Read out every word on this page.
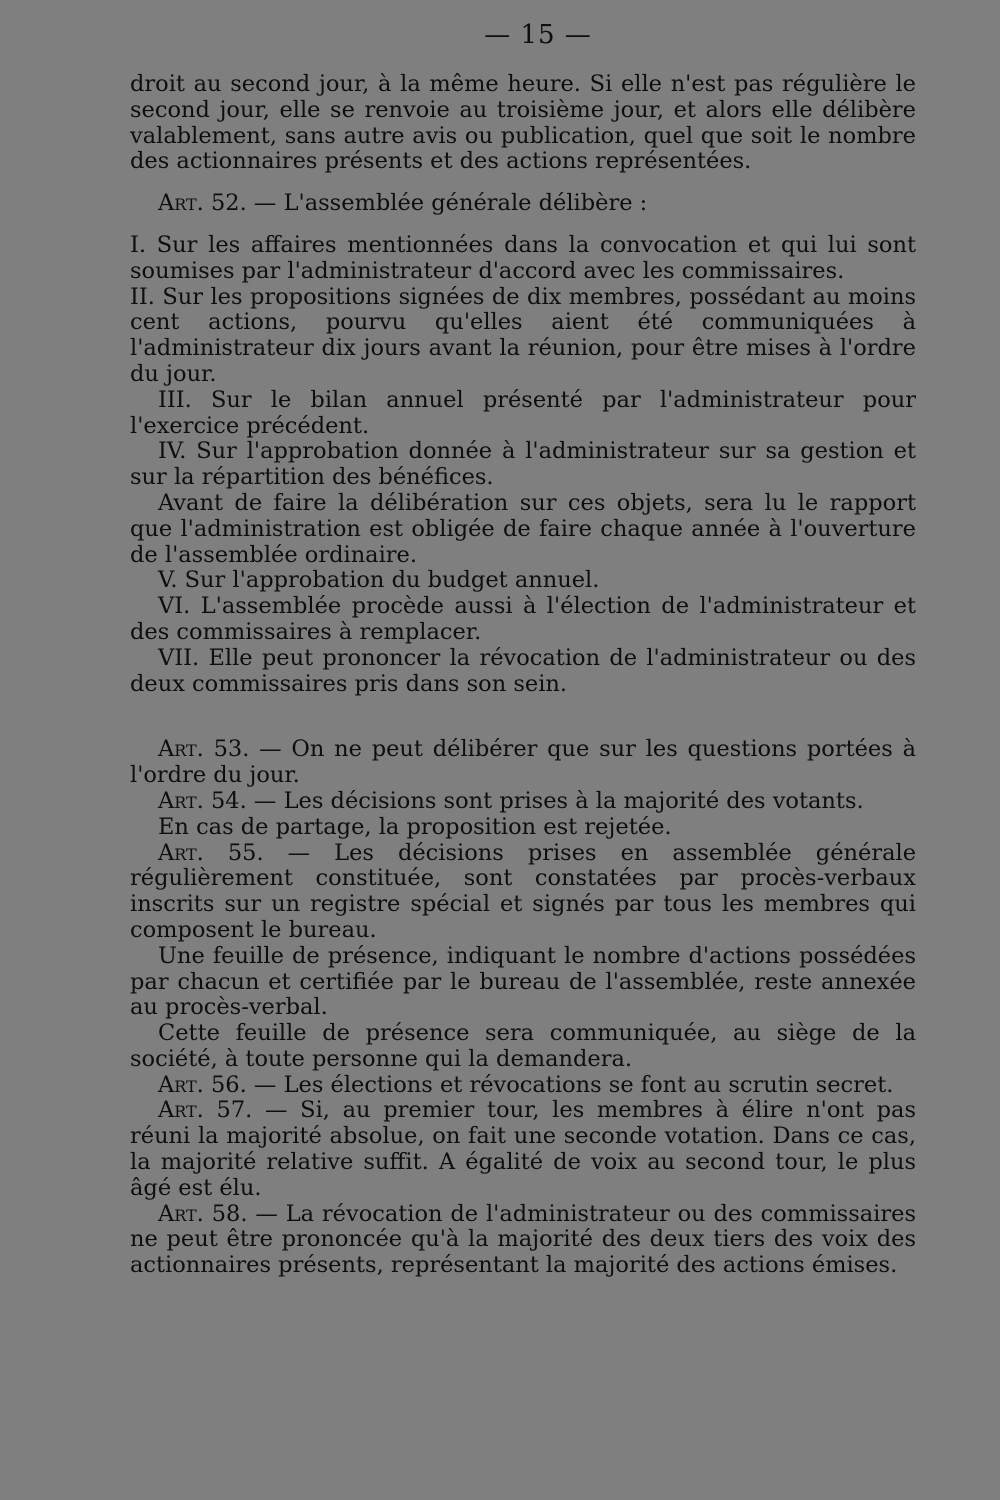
— 15 —

droit au second jour, à la même heure. Si elle n'est pas régulière le second jour, elle se renvoie au troisième jour, et alors elle délibère valablement, sans autre avis ou publication, quel que soit le nombre des actionnaires présents et des actions représentées.

Art. 52. — L'assemblée générale délibère :

I. Sur les affaires mentionnées dans la convocation et qui lui sont soumises par l'administrateur d'accord avec les commissaires.

II. Sur les propositions signées de dix membres, possédant au moins cent actions, pourvu qu'elles aient été communiquées à l'administrateur dix jours avant la réunion, pour être mises à l'ordre du jour.

III. Sur le bilan annuel présenté par l'administrateur pour l'exercice précédent.

IV. Sur l'approbation donnée à l'administrateur sur sa gestion et sur la répartition des bénéfices.

Avant de faire la délibération sur ces objets, sera lu le rapport que l'administration est obligée de faire chaque année à l'ouverture de l'assemblée ordinaire.

V. Sur l'approbation du budget annuel.

VI. L'assemblée procède aussi à l'élection de l'administrateur et des commissaires à remplacer.

VII. Elle peut prononcer la révocation de l'administrateur ou des deux commissaires pris dans son sein.

Art. 53. — On ne peut délibérer que sur les questions portées à l'ordre du jour.

Art. 54. — Les décisions sont prises à la majorité des votants.

En cas de partage, la proposition est rejetée.

Art. 55. — Les décisions prises en assemblée générale régulièrement constituée, sont constatées par procès-verbaux inscrits sur un registre spécial et signés par tous les membres qui composent le bureau.

Une feuille de présence, indiquant le nombre d'actions possédées par chacun et certifiée par le bureau de l'assemblée, reste annexée au procès-verbal.

Cette feuille de présence sera communiquée, au siège de la société, à toute personne qui la demandera.

Art. 56. — Les élections et révocations se font au scrutin secret.

Art. 57. — Si, au premier tour, les membres à élire n'ont pas réuni la majorité absolue, on fait une seconde votation. Dans ce cas, la majorité relative suffit. A égalité de voix au second tour, le plus âgé est élu.

Art. 58. — La révocation de l'administrateur ou des commissaires ne peut être prononcée qu'à la majorité des deux tiers des voix des actionnaires présents, représentant la majorité des actions émises.
